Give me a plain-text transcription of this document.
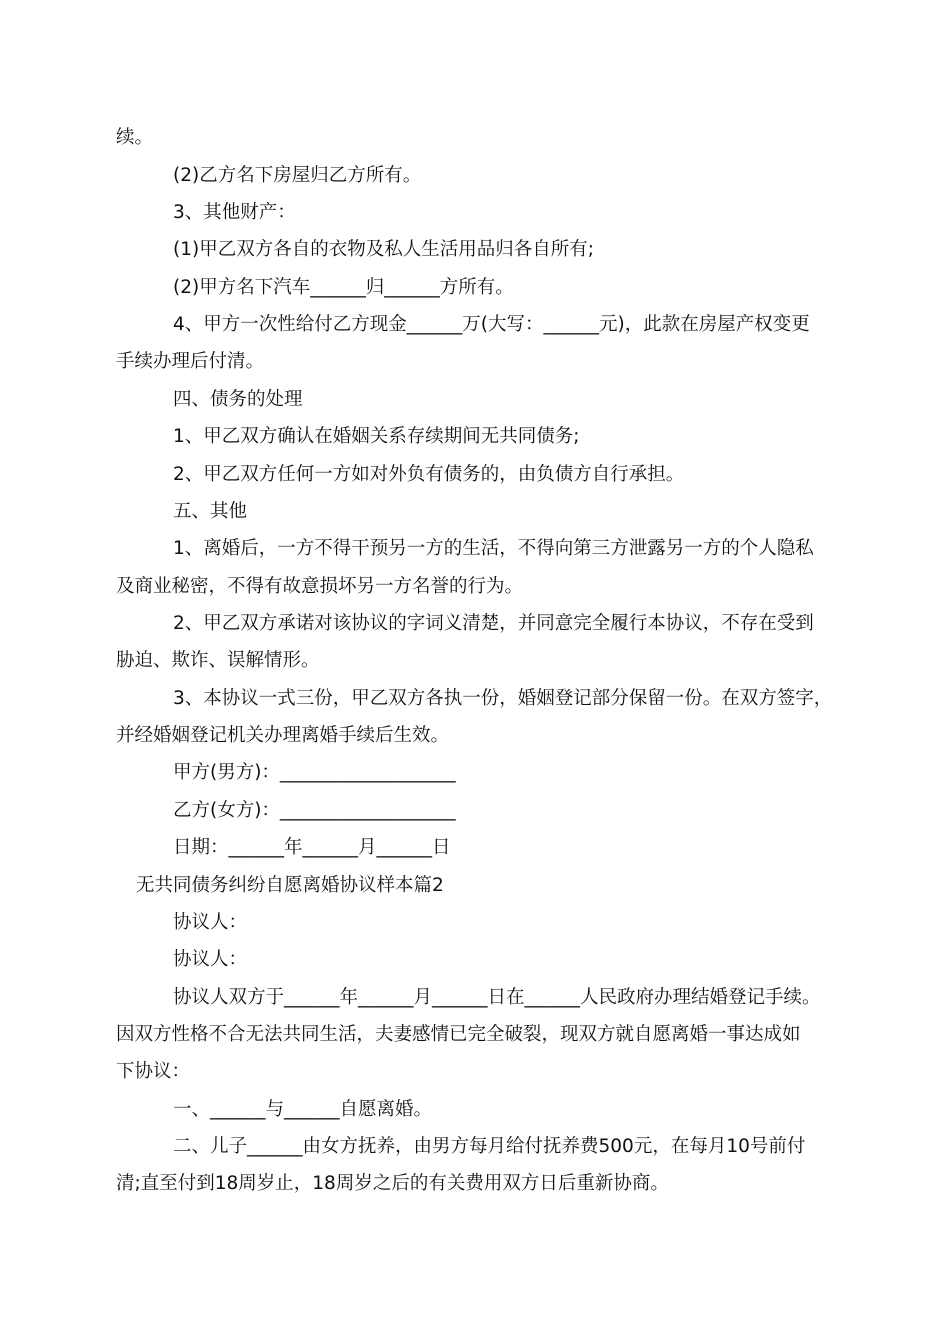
续。
(2)乙方名下房屋归乙方所有。
3、其他财产：
(1)甲乙双方各自的衣物及私人生活用品归各自所有;
(2)甲方名下汽车______归______方所有。
4、甲方一次性给付乙方现金______万(大写：______元)，此款在房屋产权变更
手续办理后付清。
四、债务的处理
1、甲乙双方确认在婚姻关系存续期间无共同债务;
2、甲乙双方任何一方如对外负有债务的，由负债方自行承担。
五、其他
1、离婚后，一方不得干预另一方的生活，不得向第三方泄露另一方的个人隐私
及商业秘密，不得有故意损坏另一方名誉的行为。
2、甲乙双方承诺对该协议的字词义清楚，并同意完全履行本协议，不存在受到
胁迫、欺诈、误解情形。
3、本协议一式三份，甲乙双方各执一份，婚姻登记部分保留一份。在双方签字，
并经婚姻登记机关办理离婚手续后生效。
甲方(男方)：___________________
乙方(女方)：___________________
日期：______年______月______日
无共同债务纠纷自愿离婚协议样本篇2
协议人：
协议人：
协议人双方于______年______月______日在______人民政府办理结婚登记手续。
因双方性格不合无法共同生活，夫妻感情已完全破裂，现双方就自愿离婚一事达成如
下协议：
一、______与______自愿离婚。
二、儿子______由女方抚养，由男方每月给付抚养费500元，在每月10号前付
清;直至付到18周岁止，18周岁之后的有关费用双方日后重新协商。
